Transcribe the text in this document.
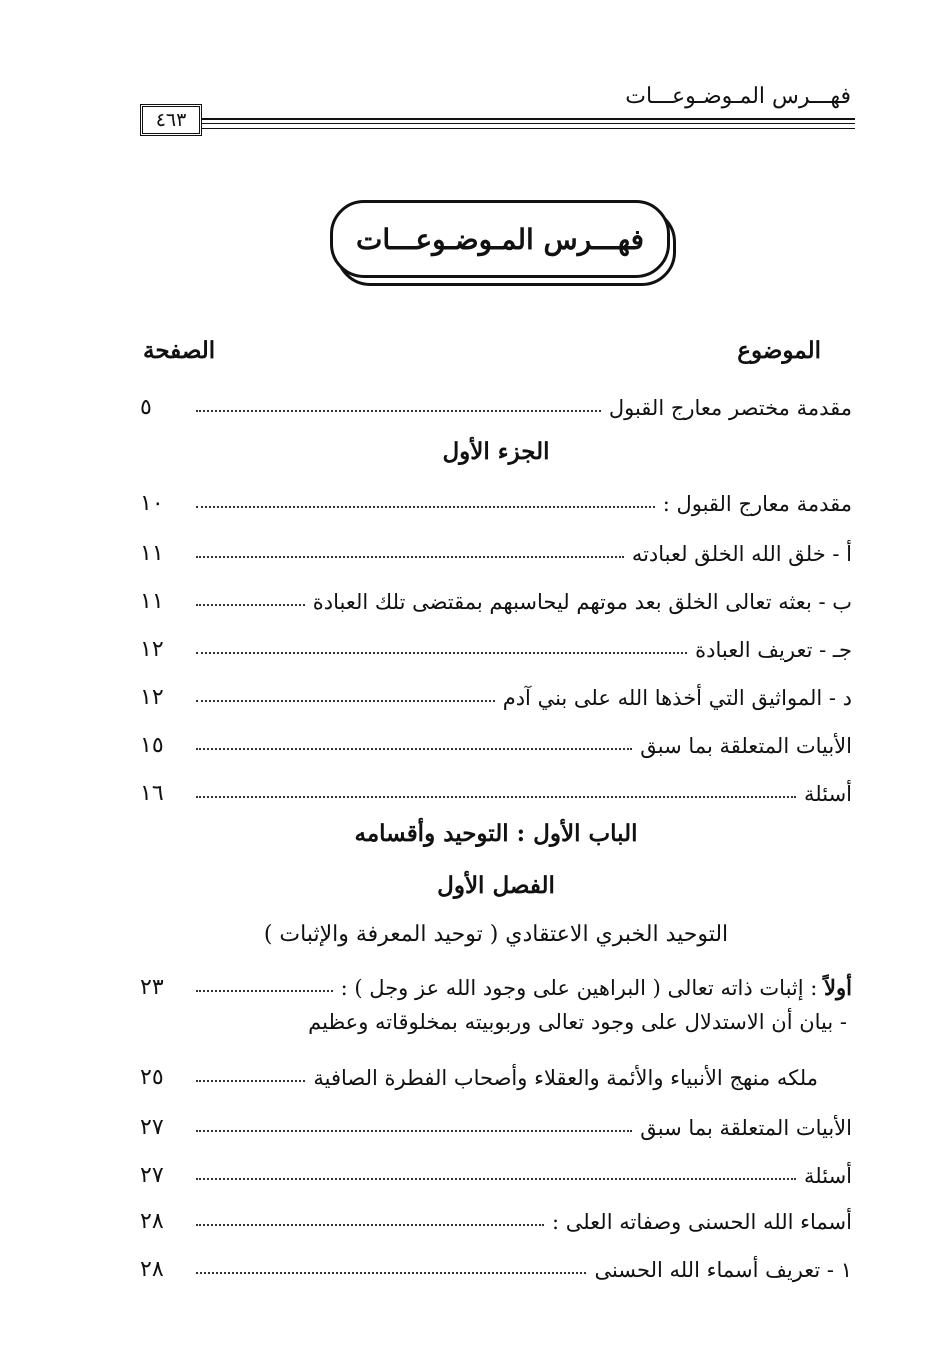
فهـــرس المـوضـوعـــات
٤٦٣
فهـــرس المـوضـوعـــات
الموضوع
الصفحة
مقدمة مختصر معارج القبول
٥
الجزء الأول
مقدمة معارج القبول :
١٠
أ - خلق الله الخلق لعبادته
١١
ب - بعثه تعالى الخلق بعد موتهم ليحاسبهم بمقتضى تلك العبادة
١١
جـ - تعريف العبادة
١٢
د - المواثيق التي أخذها الله على بني آدم
١٢
الأبيات المتعلقة بما سبق
١٥
أسئلة
١٦
الباب الأول : التوحيد وأقسامه
الفصل الأول
التوحيد الخبري الاعتقادي ( توحيد المعرفة والإثبات )
أولاً : إثبات ذاته تعالى ( البراهين على وجود الله عز وجل ) :
٢٣
- بيان أن الاستدلال على وجود تعالى وربوبيته بمخلوقاته وعظيم
ملكه منهج الأنبياء والأئمة والعقلاء وأصحاب الفطرة الصافية
٢٥
الأبيات المتعلقة بما سبق
٢٧
أسئلة
٢٧
أسماء الله الحسنى وصفاته العلى :
٢٨
١ - تعريف أسماء الله الحسنى
٢٨
